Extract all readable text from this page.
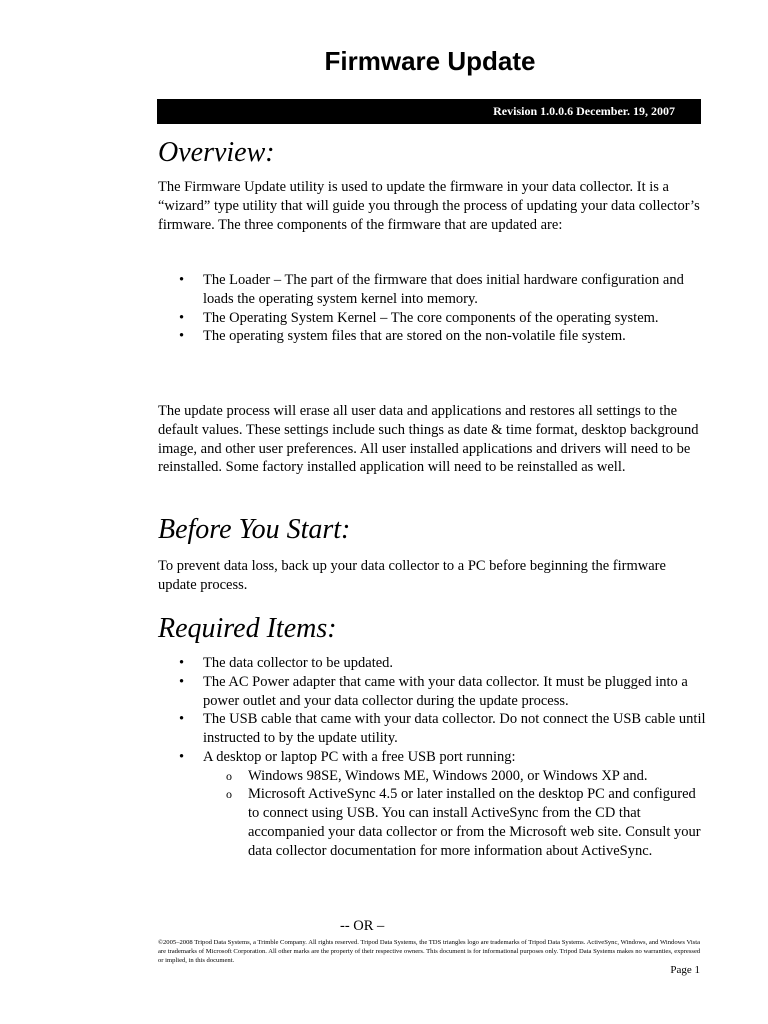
Firmware Update
Revision 1.0.0.6 December. 19, 2007
Overview:

The Firmware Update utility is used to update the firmware in your data collector. It is a “wizard” type utility that will guide you through the process of updating your data collector’s firmware. The three components of the firmware that are updated are:

• The Loader – The part of the firmware that does initial hardware configuration and loads the operating system kernel into memory.
• The Operating System Kernel – The core components of the operating system.
• The operating system files that are stored on the non-volatile file system.

The update process will erase all user data and applications and restores all settings to the default values. These settings include such things as date & time format, desktop background image, and other user preferences. All user installed applications and drivers will need to be reinstalled. Some factory installed application will need to be reinstalled as well.

Before You Start:

To prevent data loss, back up your data collector to a PC before beginning the firmware update process.

Required Items:
• The data collector to be updated.
• The AC Power adapter that came with your data collector. It must be plugged into a power outlet and your data collector during the update process.
• The USB cable that came with your data collector. Do not connect the USB cable until instructed to by the update utility.
• A desktop or laptop PC with a free USB port running:
o Windows 98SE, Windows ME, Windows 2000, or Windows XP and.
o Microsoft ActiveSync 4.5 or later installed on the desktop PC and configured to connect using USB. You can install ActiveSync from the CD that accompanied your data collector or from the Microsoft web site. Consult your data collector documentation for more information about ActiveSync.

-- OR –

©2005–2008 Tripod Data Systems, a Trimble Company. All rights reserved. Tripod Data Systems, the TDS triangles logo are trademarks of Tripod Data Systems. ActiveSync, Windows, and Windows Vista are trademarks of Microsoft Corporation. All other marks are the property of their respective owners. This document is for informational purposes only. Tripod Data Systems makes no warranties, expressed or implied, in this document.

Page 1
